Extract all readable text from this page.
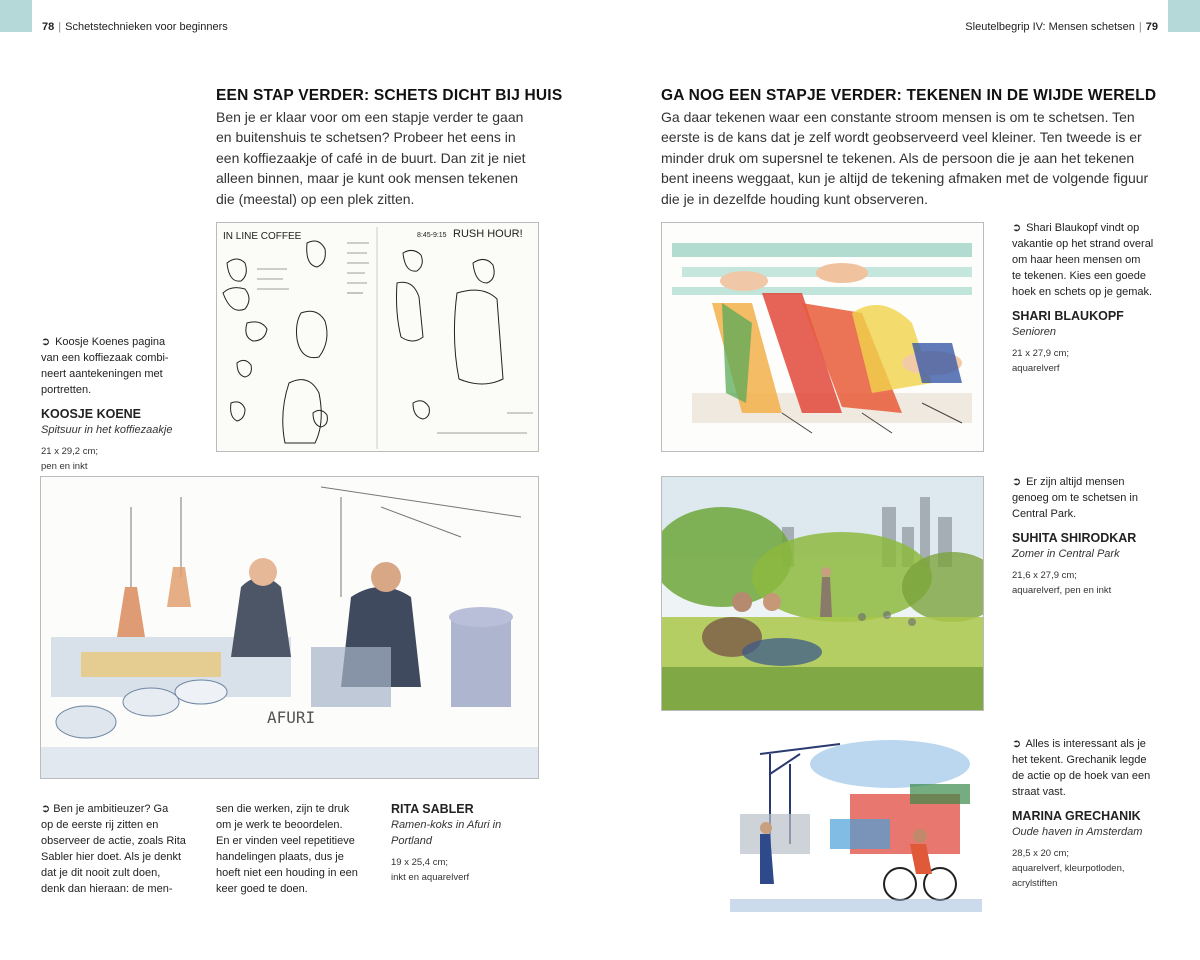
78 | Schetstechnieken voor beginners	Sleutelbegrip IV: Mensen schetsen | 79
EEN STAP VERDER: SCHETS DICHT BIJ HUIS
Ben je er klaar voor om een stapje verder te gaan
en buitenshuis te schetsen? Probeer het eens in
een koffiezaakje of café in de buurt. Dan zit je niet
alleen binnen, maar je kunt ook mensen tekenen
die (meestal) op een plek zitten.
GA NOG EEN STAPJE VERDER: TEKENEN IN DE WIJDE WERELD
Ga daar tekenen waar een constante stroom mensen is om te schetsen. Ten
eerste is de kans dat je zelf wordt geobserveerd veel kleiner. Ten tweede is er
minder druk om supersnel te tekenen. Als de persoon die je aan het tekenen
bent ineens weggaat, kun je altijd de tekening afmaken met de volgende figuur
die je in dezelfde houding kunt observeren.
IN LINE COFFEE	RUSH HOUR!
8:45-9:15
➲ Koosje Koenes pagina
van een koffiezaak combi-
neert aantekeningen met
portretten.
KOOSJE KOENE
Spitsuur in het koffiezaakje
21 x 29,2 cm;
pen en inkt
AFURI
➲ Ben je ambitieuzer? Ga
op de eerste rij zitten en
observeer de actie, zoals Rita
Sabler hier doet. Als je denkt
dat je dit nooit zult doen,
denk dan hieraan: de men-
sen die werken, zijn te druk
om je werk te beoordelen.
En er vinden veel repetitieve
handelingen plaats, dus je
hoeft niet een houding in een
keer goed te doen.
RITA SABLER
Ramen-koks in Afuri in
Portland
19 x 25,4 cm;
inkt en aquarelverf
➲ Shari Blaukopf vindt op
vakantie op het strand overal
om haar heen mensen om
te tekenen. Kies een goede
hoek en schets op je gemak.
SHARI BLAUKOPF
Senioren
21 x 27,9 cm;
aquarelverf
➲ Er zijn altijd mensen
genoeg om te schetsen in
Central Park.
SUHITA SHIRODKAR
Zomer in Central Park
21,6 x 27,9 cm;
aquarelverf, pen en inkt
➲ Alles is interessant als je
het tekent. Grechanik legde
de actie op de hoek van een
straat vast.
MARINA GRECHANIK
Oude haven in Amsterdam
28,5 x 20 cm;
aquarelverf, kleurpotloden,
acrylstiften
